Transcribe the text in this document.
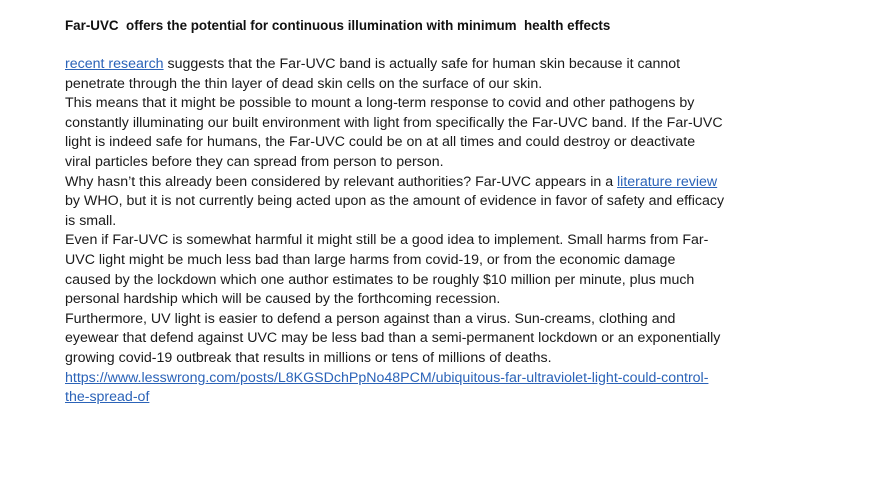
Far-UVC  offers the potential for continuous illumination with minimum  health effects

recent research suggests that the Far-UVC band is actually safe for human skin because it cannot penetrate through the thin layer of dead skin cells on the surface of our skin.

This means that it might be possible to mount a long-term response to covid and other pathogens by constantly illuminating our built environment with light from specifically the Far-UVC band. If the Far-UVC light is indeed safe for humans, the Far-UVC could be on at all times and could destroy or deactivate viral particles before they can spread from person to person.

Why hasn’t this already been considered by relevant authorities? Far-UVC appears in a literature review by WHO, but it is not currently being acted upon as the amount of evidence in favor of safety and efficacy is small.

Even if Far-UVC is somewhat harmful it might still be a good idea to implement. Small harms from Far-UVC light might be much less bad than large harms from covid-19, or from the economic damage caused by the lockdown which one author estimates to be roughly $10 million per minute, plus much personal hardship which will be caused by the forthcoming recession.

Furthermore, UV light is easier to defend a person against than a virus. Sun-creams, clothing and eyewear that defend against UVC may be less bad than a semi-permanent lockdown or an exponentially growing covid-19 outbreak that results in millions or tens of millions of deaths.

https://www.lesswrong.com/posts/L8KGSDchPpNo48PCM/ubiquitous-far-ultraviolet-light-could-control-the-spread-of
